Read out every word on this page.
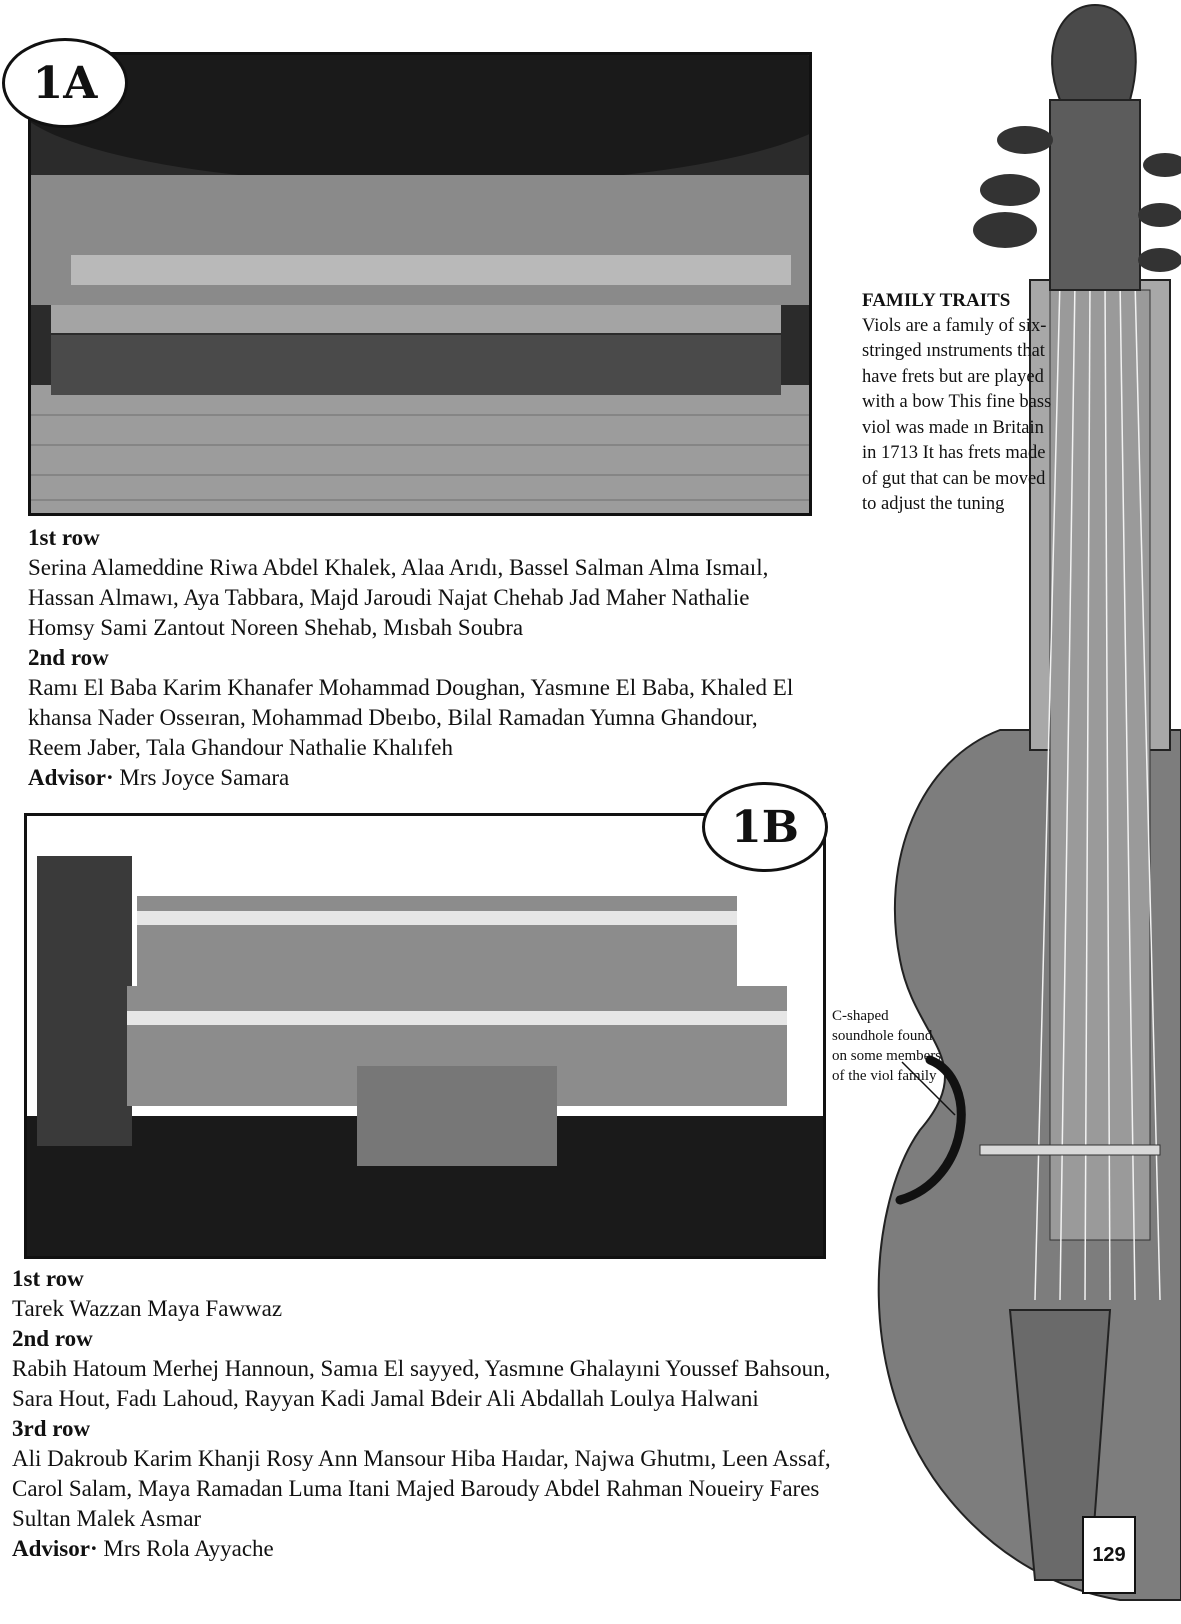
1A
1st row
Serina Alameddine Riwa Abdel Khalek, Alaa Arıdı, Bassel Salman Alma Ismaıl, Hassan Almawı, Aya Tabbara, Majd Jaroudi Najat Chehab Jad Maher Nathalie Homsy Sami Zantout Noreen Shehab, Mısbah Soubra
2nd row
Ramı El Baba Karim Khanafer Mohammad Doughan, Yasmıne El Baba, Khaled El khansa Nader Osseıran, Mohammad Dbeıbo, Bilal Ramadan Yumna Ghandour, Reem Jaber, Tala Ghandour Nathalie Khalıfeh
Advisor· Mrs Joyce Samara
1B
1st row
Tarek Wazzan Maya Fawwaz
2nd row
Rabih Hatoum Merhej Hannoun, Samıa El sayyed, Yasmıne Ghalayıni Youssef Bahsoun, Sara Hout, Fadı Lahoud, Rayyan Kadi Jamal Bdeir Ali Abdallah Loulya Halwani
3rd row
Ali Dakroub Karim Khanji Rosy Ann Mansour Hiba Haıdar, Najwa Ghutmı, Leen Assaf, Carol Salam, Maya Ramadan Luma Itani Majed Baroudy Abdel Rahman Noueiry Fares Sultan Malek Asmar
Advisor· Mrs Rola Ayyache
FAMILY TRAITS
Viols are a famıly of six-stringed ınstruments that have frets but are played with a bow This fine bass viol was made ın Britain in 1713 It has frets made of gut that can be moved to adjust the tuning
C-shaped soundhole found on some members of the viol family
129
